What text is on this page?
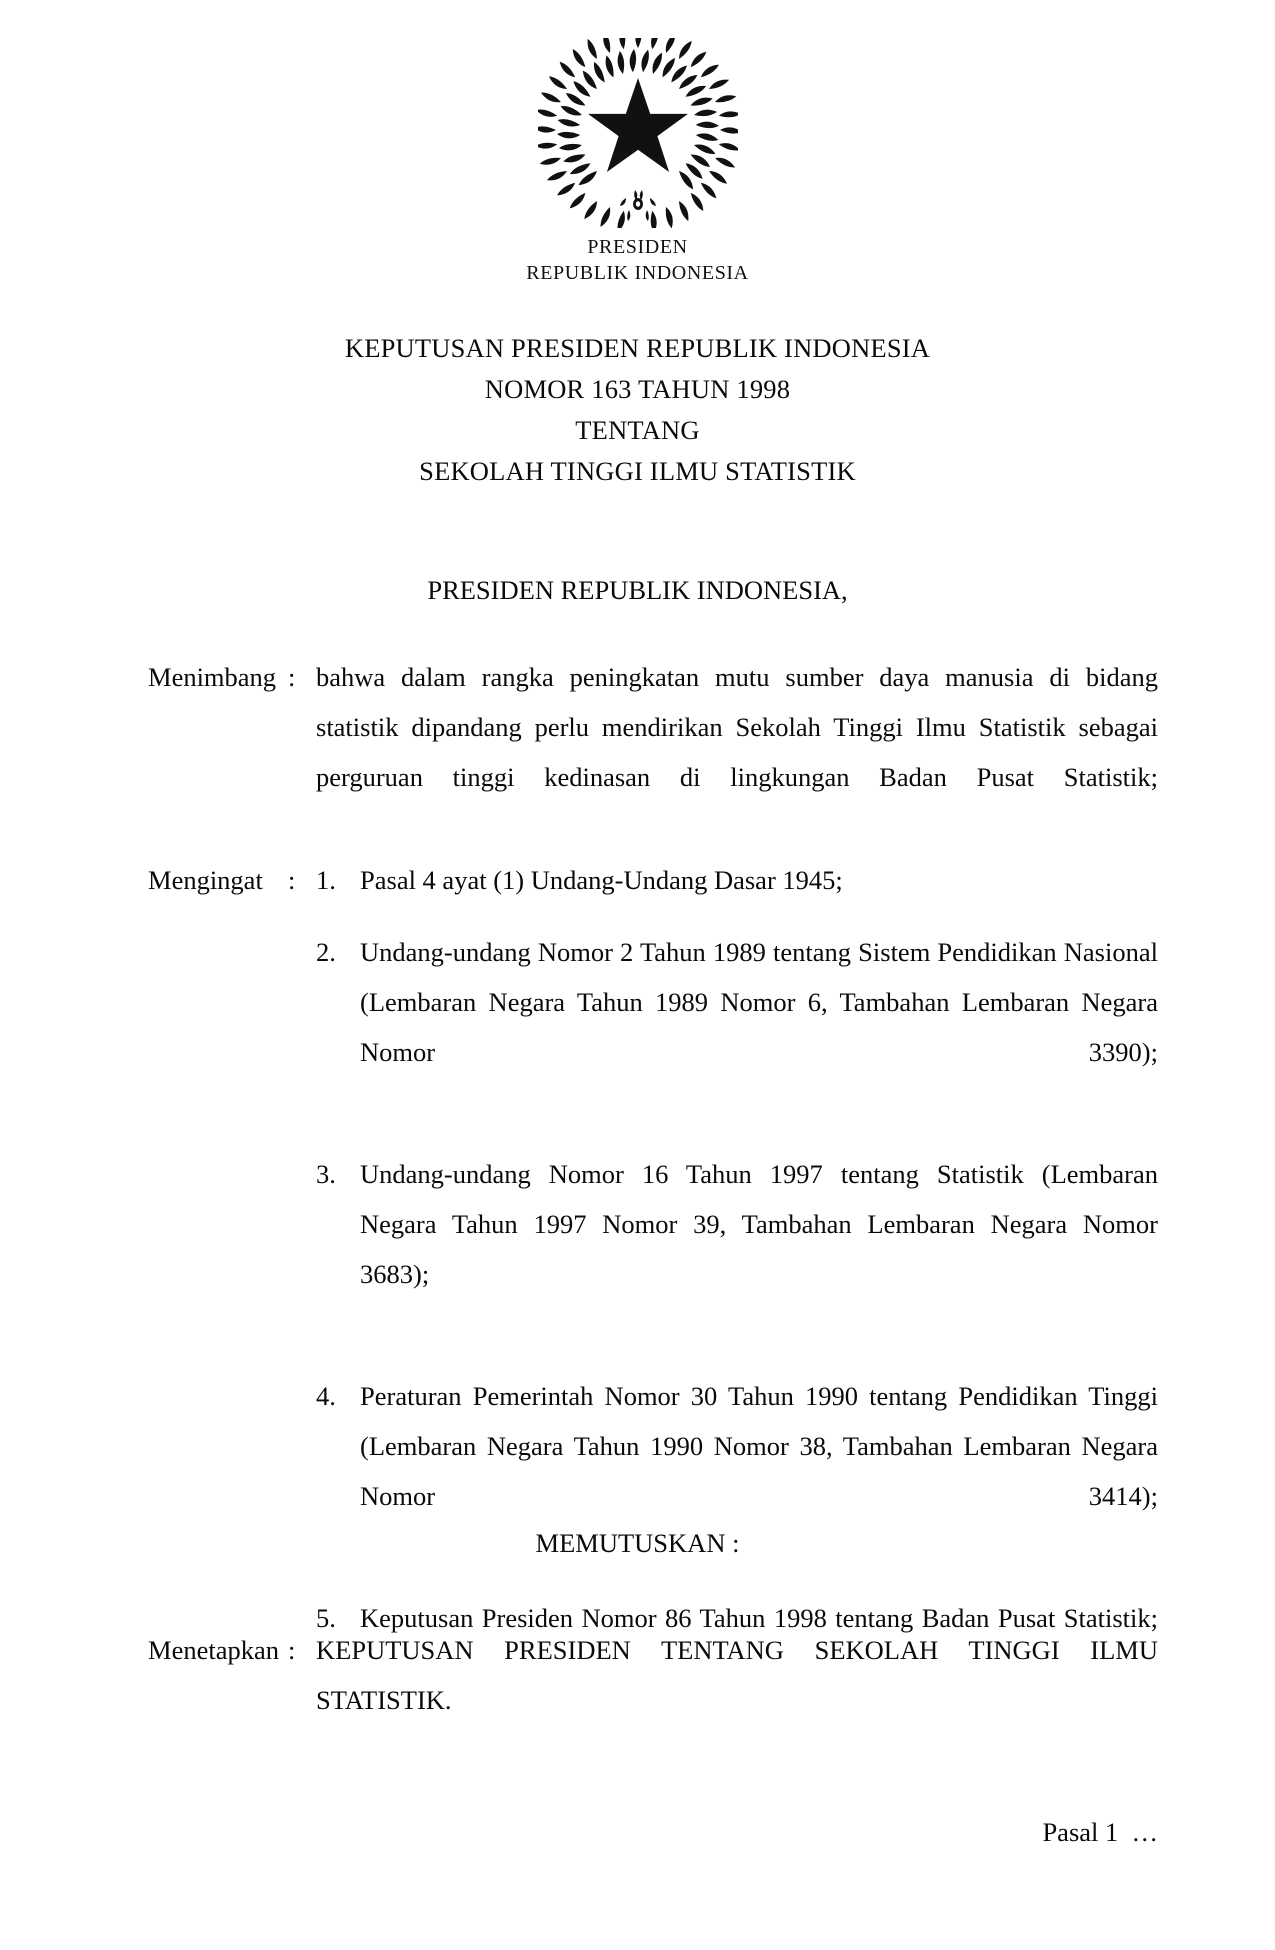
PRESIDEN
REPUBLIK INDONESIA
KEPUTUSAN PRESIDEN REPUBLIK INDONESIA
NOMOR 163 TAHUN 1998
TENTANG
SEKOLAH TINGGI ILMU STATISTIK
PRESIDEN REPUBLIK INDONESIA,
Menimbang : bahwa dalam rangka peningkatan mutu sumber daya manusia di bidang statistik dipandang perlu mendirikan Sekolah Tinggi Ilmu Statistik sebagai perguruan tinggi kedinasan di lingkungan Badan Pusat Statistik;

Mengingat : 1. Pasal 4 ayat (1) Undang-Undang Dasar 1945;
2. Undang-undang Nomor 2 Tahun 1989 tentang Sistem Pendidikan Nasional (Lembaran Negara Tahun 1989 Nomor 6, Tambahan Lembaran Negara Nomor 3390);
3. Undang-undang Nomor 16 Tahun 1997 tentang Statistik (Lembaran Negara Tahun 1997 Nomor 39, Tambahan Lembaran Negara Nomor 3683);
4. Peraturan Pemerintah Nomor 30 Tahun 1990 tentang Pendidikan Tinggi (Lembaran Negara Tahun 1990 Nomor 38, Tambahan Lembaran Negara Nomor 3414);
5. Keputusan Presiden Nomor 86 Tahun 1998 tentang Badan Pusat Statistik;
MEMUTUSKAN :
Menetapkan : KEPUTUSAN PRESIDEN TENTANG SEKOLAH TINGGI ILMU STATISTIK.

Pasal 1  …
